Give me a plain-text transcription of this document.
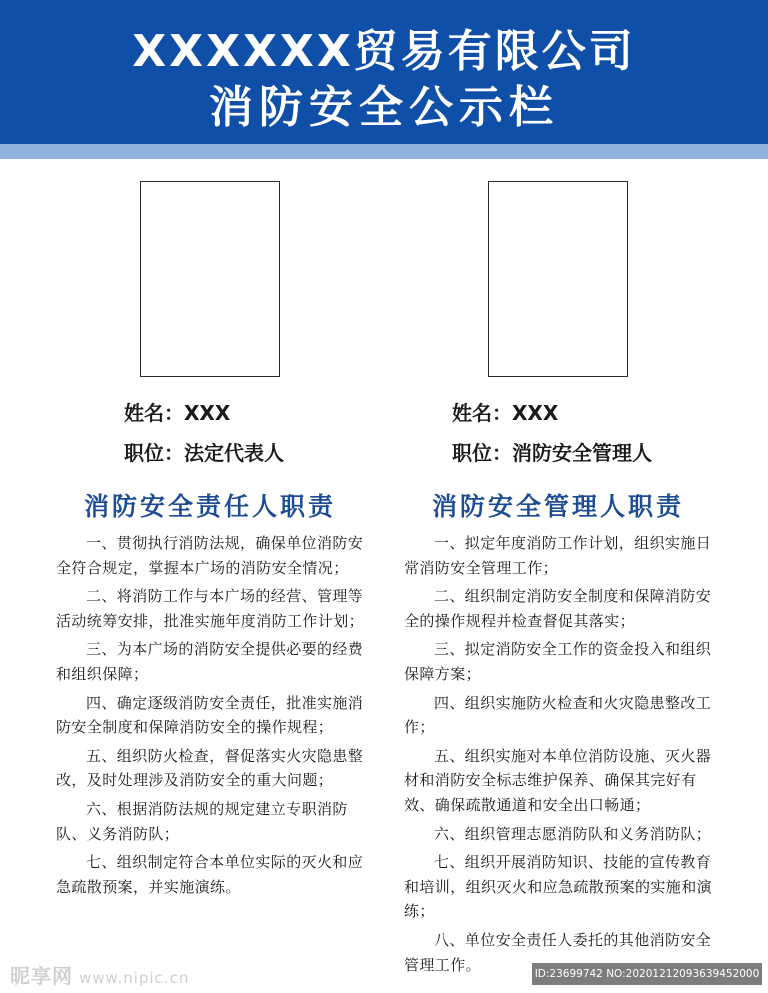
XXXXXX贸易有限公司
消防安全公示栏
姓名：XXX
职位：法定代表人
消防安全责任人职责

一、贯彻执行消防法规，确保单位消防安全符合规定，掌握本广场的消防安全情况；

二、将消防工作与本广场的经营、管理等活动统筹安排，批准实施年度消防工作计划；

三、为本广场的消防安全提供必要的经费和组织保障；

四、确定逐级消防安全责任，批准实施消防安全制度和保障消防安全的操作规程；

五、组织防火检查，督促落实火灾隐患整改，及时处理涉及消防安全的重大问题；

六、根据消防法规的规定建立专职消防队、义务消防队；

七、组织制定符合本单位实际的灭火和应急疏散预案，并实施演练。

姓名：XXX
职位：消防安全管理人
消防安全管理人职责

一、拟定年度消防工作计划，组织实施日常消防安全管理工作；

二、组织制定消防安全制度和保障消防安全的操作规程并检查督促其落实；

三、拟定消防安全工作的资金投入和组织保障方案；

四、组织实施防火检查和火灾隐患整改工作；

五、组织实施对本单位消防设施、灭火器材和消防安全标志维护保养、确保其完好有效、确保疏散通道和安全出口畅通；

六、组织管理志愿消防队和义务消防队；

七、组织开展消防知识、技能的宣传教育和培训，组织灭火和应急疏散预案的实施和演练；

八、单位安全责任人委托的其他消防安全管理工作。

昵享网 www.nipic.cn	ID:23699742 NO:20201212093639452000
